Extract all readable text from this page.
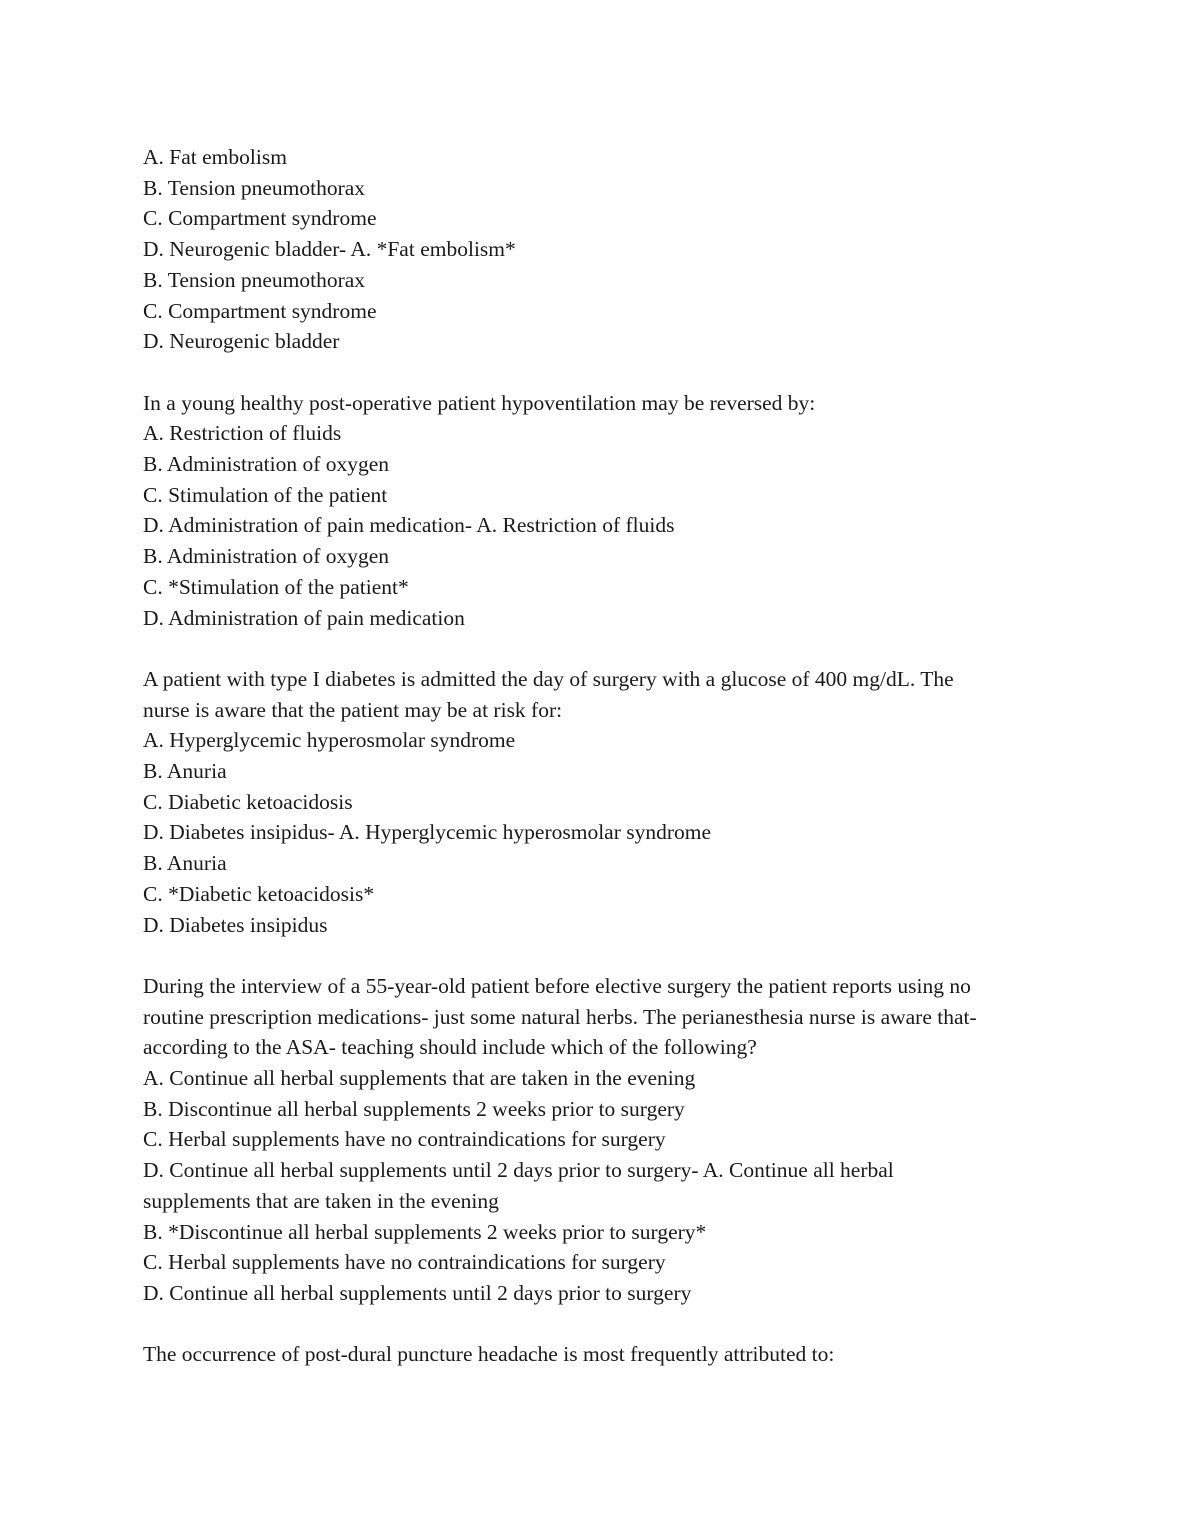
A. Fat embolism
B. Tension pneumothorax
C. Compartment syndrome
D. Neurogenic bladder- A. *Fat embolism*
B. Tension pneumothorax
C. Compartment syndrome
D. Neurogenic bladder
In a young healthy post-operative patient hypoventilation may be reversed by:
A. Restriction of fluids
B. Administration of oxygen
C. Stimulation of the patient
D. Administration of pain medication- A. Restriction of fluids
B. Administration of oxygen
C. *Stimulation of the patient*
D. Administration of pain medication
A patient with type I diabetes is admitted the day of surgery with a glucose of 400 mg/dL. The
nurse is aware that the patient may be at risk for:
A. Hyperglycemic hyperosmolar syndrome
B. Anuria
C. Diabetic ketoacidosis
D. Diabetes insipidus- A. Hyperglycemic hyperosmolar syndrome
B. Anuria
C. *Diabetic ketoacidosis*
D. Diabetes insipidus
During the interview of a 55-year-old patient before elective surgery the patient reports using no
routine prescription medications- just some natural herbs. The perianesthesia nurse is aware that-
according to the ASA- teaching should include which of the following?
A. Continue all herbal supplements that are taken in the evening
B. Discontinue all herbal supplements 2 weeks prior to surgery
C. Herbal supplements have no contraindications for surgery
D. Continue all herbal supplements until 2 days prior to surgery- A. Continue all herbal
supplements that are taken in the evening
B. *Discontinue all herbal supplements 2 weeks prior to surgery*
C. Herbal supplements have no contraindications for surgery
D. Continue all herbal supplements until 2 days prior to surgery
The occurrence of post-dural puncture headache is most frequently attributed to:
